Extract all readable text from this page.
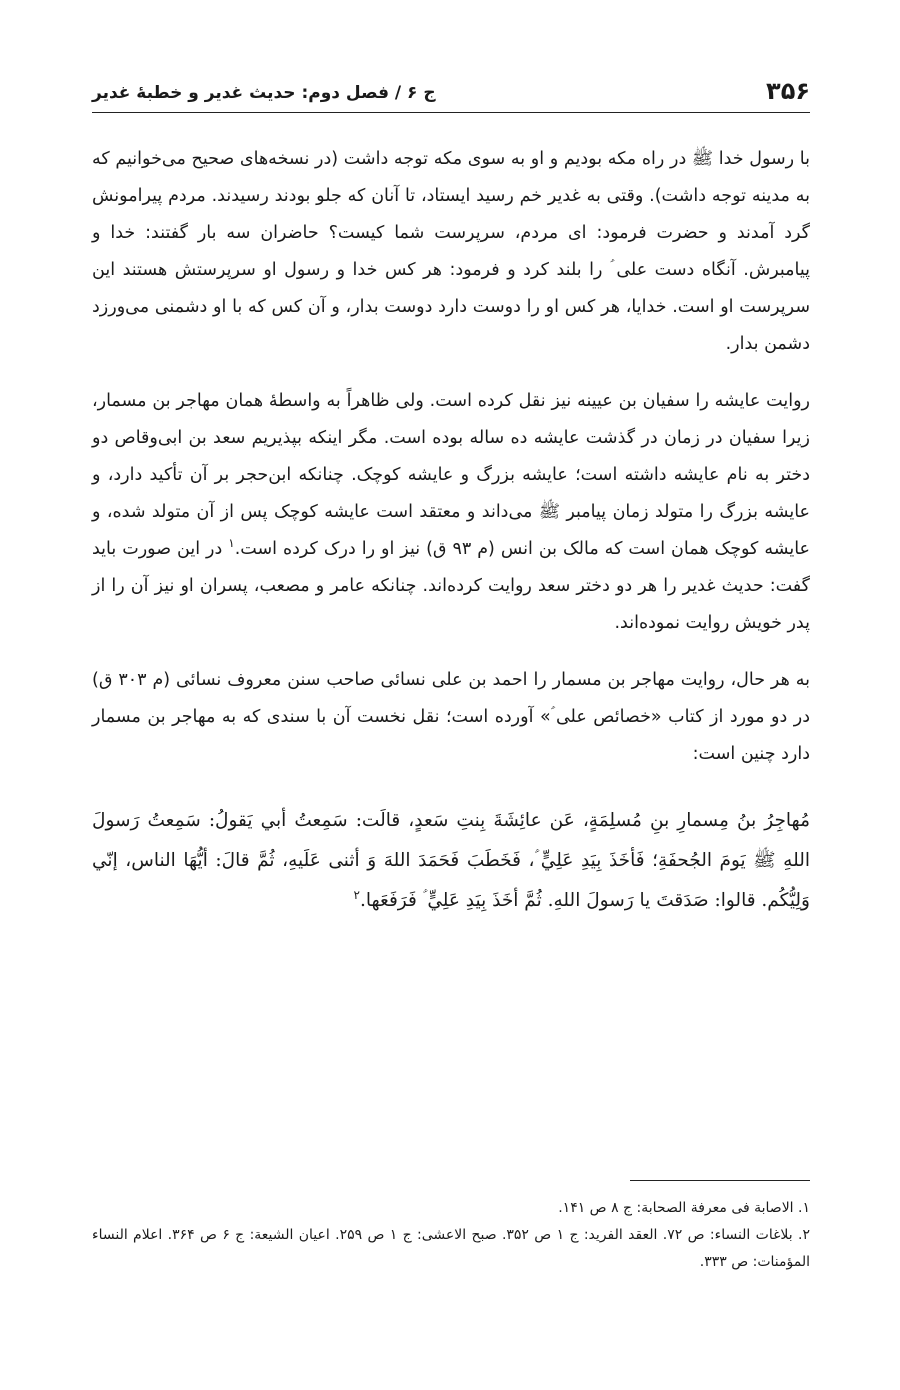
۳۵۶
ج ۶ / فصل دوم: حدیث غدیر و خطبۀ غدیر

با رسول خدا ﷺ در راه مکه بودیم و او به سوی مکه توجه داشت (در نسخه‌های صحیح می‌خوانیم که به مدینه توجه داشت). وقتی به غدیر خم رسید ایستاد، تا آنان که جلو بودند رسیدند. مردم پیرامونش گرد آمدند و حضرت فرمود: ای مردم، سرپرست شما کیست؟ حاضران سه بار گفتند: خدا و پیامبرش. آنگاه دست علی ؑ را بلند کرد و فرمود: هر کس خدا و رسول او سرپرستش هستند این سرپرست او است. خدایا، هر کس او را دوست دارد دوست بدار، و آن کس که با او دشمنی می‌ورزد دشمن بدار.

روایت عایشه را سفیان بن عیینه نیز نقل کرده است. ولی ظاهراً به واسطۀ همان مهاجر بن مسمار، زیرا سفیان در زمان در گذشت عایشه ده ساله بوده است. مگر اینکه بپذیریم سعد بن ابی‌وقاص دو دختر به نام عایشه داشته است؛ عایشه بزرگ و عایشه کوچک. چنانکه ابن‌حجر بر آن تأکید دارد، و عایشه بزرگ را متولد زمان پیامبر ﷺ می‌داند و معتقد است عایشه کوچک پس از آن متولد شده، و عایشه کوچک همان است که مالک بن انس (م ۹۳ ق) نیز او را درک کرده است.$^۱$ در این صورت باید گفت: حدیث غدیر را هر دو دختر سعد روایت کرده‌اند. چنانکه عامر و مصعب، پسران او نیز آن را از پدر خویش روایت نموده‌اند.

به هر حال، روایت مهاجر بن مسمار را احمد بن علی نسائی صاحب سنن معروف نسائی (م ۳۰۳ ق) در دو مورد از کتاب «خصائص علی ؑ» آورده است؛ نقل نخست آن با سندی که به مهاجر بن مسمار دارد چنین است:

مُهاجِرُ بنُ مِسمارِ بنِ مُسلِمَةٍ، عَن عائِشَةَ بِنتِ سَعدٍ، قالَت: سَمِعتُ أبي يَقولُ: سَمِعتُ رَسولَ اللهِ ﷺ يَومَ الجُحفَةِ؛ فَأخَذَ بِيَدِ عَلِيٍّ ؑ، فَخَطَبَ فَحَمَدَ اللهَ وَ أثنى عَلَيهِ، ثُمَّ قالَ: أيُّهَا الناس، إنّي وَلِيُّكُم. قالوا: صَدَقتَ يا رَسولَ اللهِ. ثُمَّ أخَذَ بِيَدِ عَلِيٍّ ؑ فَرَفَعَها.$^۲$

۱. الاصابة فی معرفة الصحابة: ج ۸ ص ۱۴۱.

۲. بلاغات النساء: ص ۷۲. العقد الفرید: ج ۱ ص ۳۵۲. صبح الاعشی: ج ۱ ص ۲۵۹. اعیان الشیعة: ج ۶ ص ۳۶۴. اعلام النساء المؤمنات: ص ۳۳۳.
